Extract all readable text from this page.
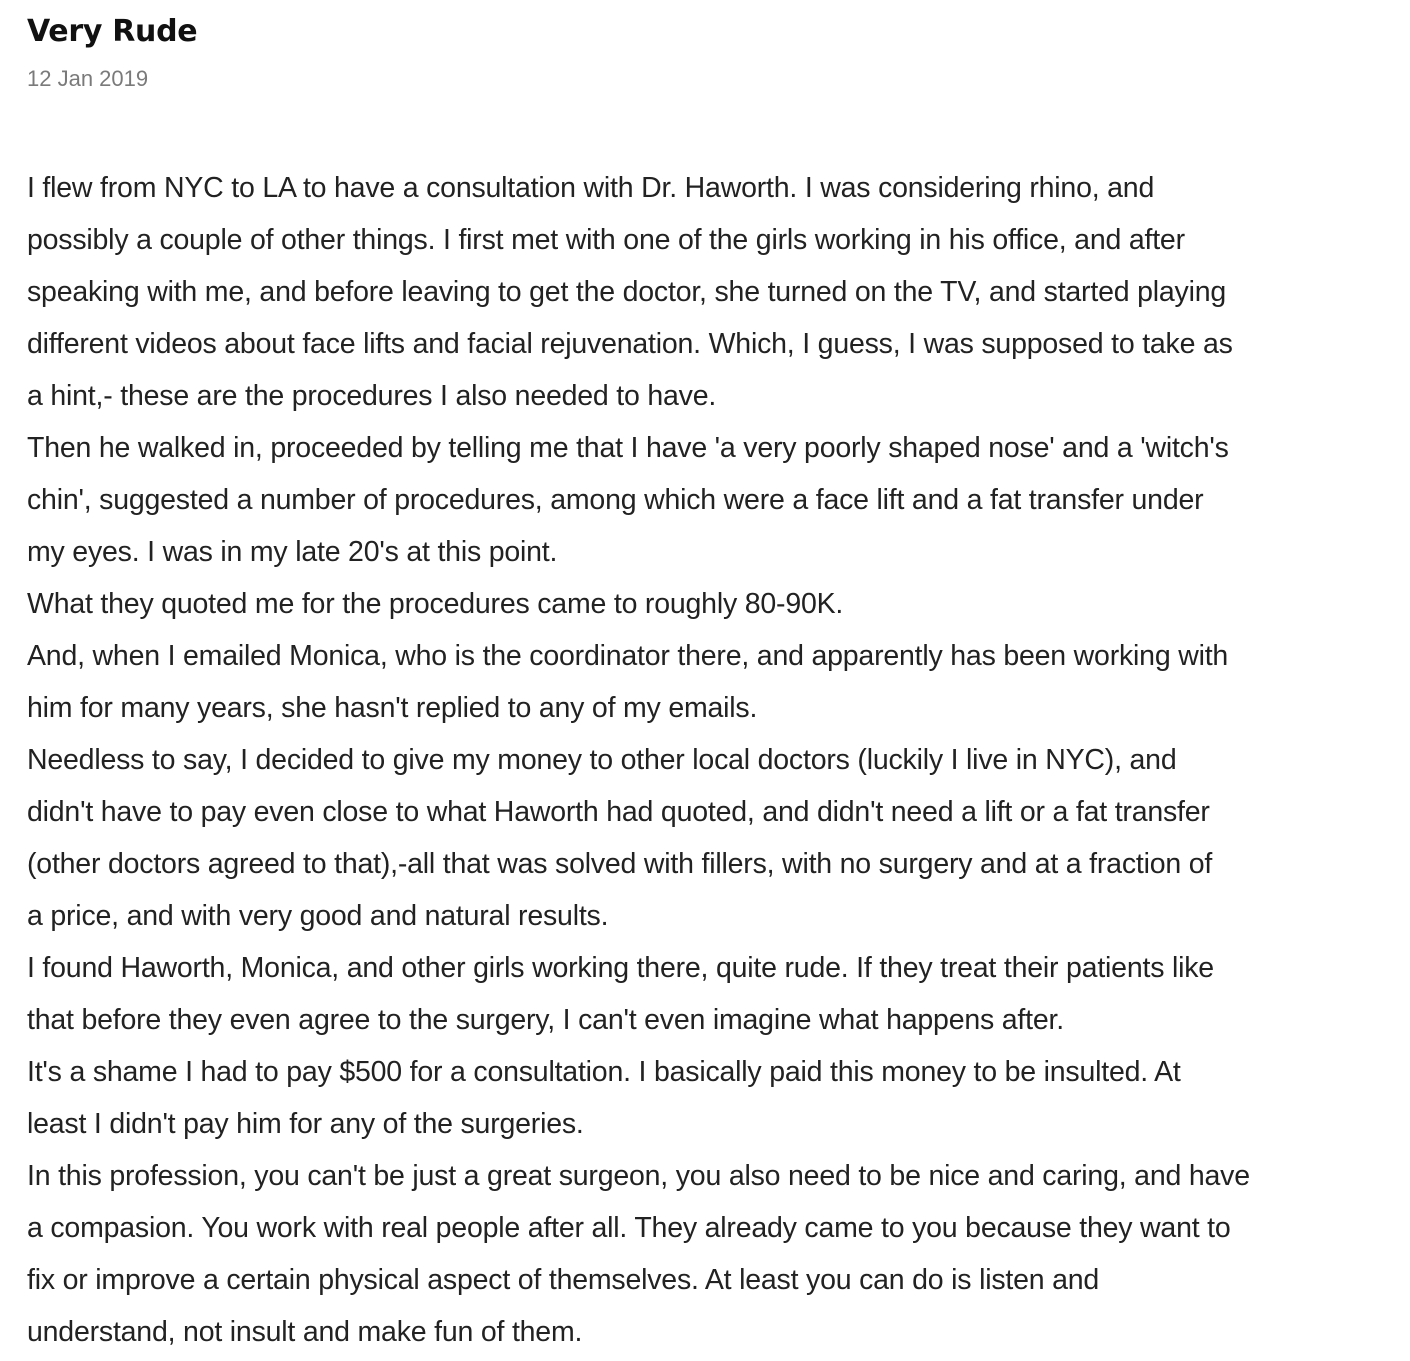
Very Rude
12 Jan 2019
I flew from NYC to LA to have a consultation with Dr. Haworth. I was considering rhino, and
possibly a couple of other things. I first met with one of the girls working in his office, and after
speaking with me, and before leaving to get the doctor, she turned on the TV, and started playing
different videos about face lifts and facial rejuvenation. Which, I guess, I was supposed to take as
a hint,- these are the procedures I also needed to have.
Then he walked in, proceeded by telling me that I have 'a very poorly shaped nose' and a 'witch's
chin', suggested a number of procedures, among which were a face lift and a fat transfer under
my eyes. I was in my late 20's at this point.
What they quoted me for the procedures came to roughly 80-90K.
And, when I emailed Monica, who is the coordinator there, and apparently has been working with
him for many years, she hasn't replied to any of my emails.
Needless to say, I decided to give my money to other local doctors (luckily I live in NYC), and
didn't have to pay even close to what Haworth had quoted, and didn't need a lift or a fat transfer
(other doctors agreed to that),-all that was solved with fillers, with no surgery and at a fraction of
a price, and with very good and natural results.
I found Haworth, Monica, and other girls working there, quite rude. If they treat their patients like
that before they even agree to the surgery, I can't even imagine what happens after.
It's a shame I had to pay $500 for a consultation. I basically paid this money to be insulted. At
least I didn't pay him for any of the surgeries.
In this profession, you can't be just a great surgeon, you also need to be nice and caring, and have
a compasion. You work with real people after all. They already came to you because they want to
fix or improve a certain physical aspect of themselves. At least you can do is listen and
understand, not insult and make fun of them.
